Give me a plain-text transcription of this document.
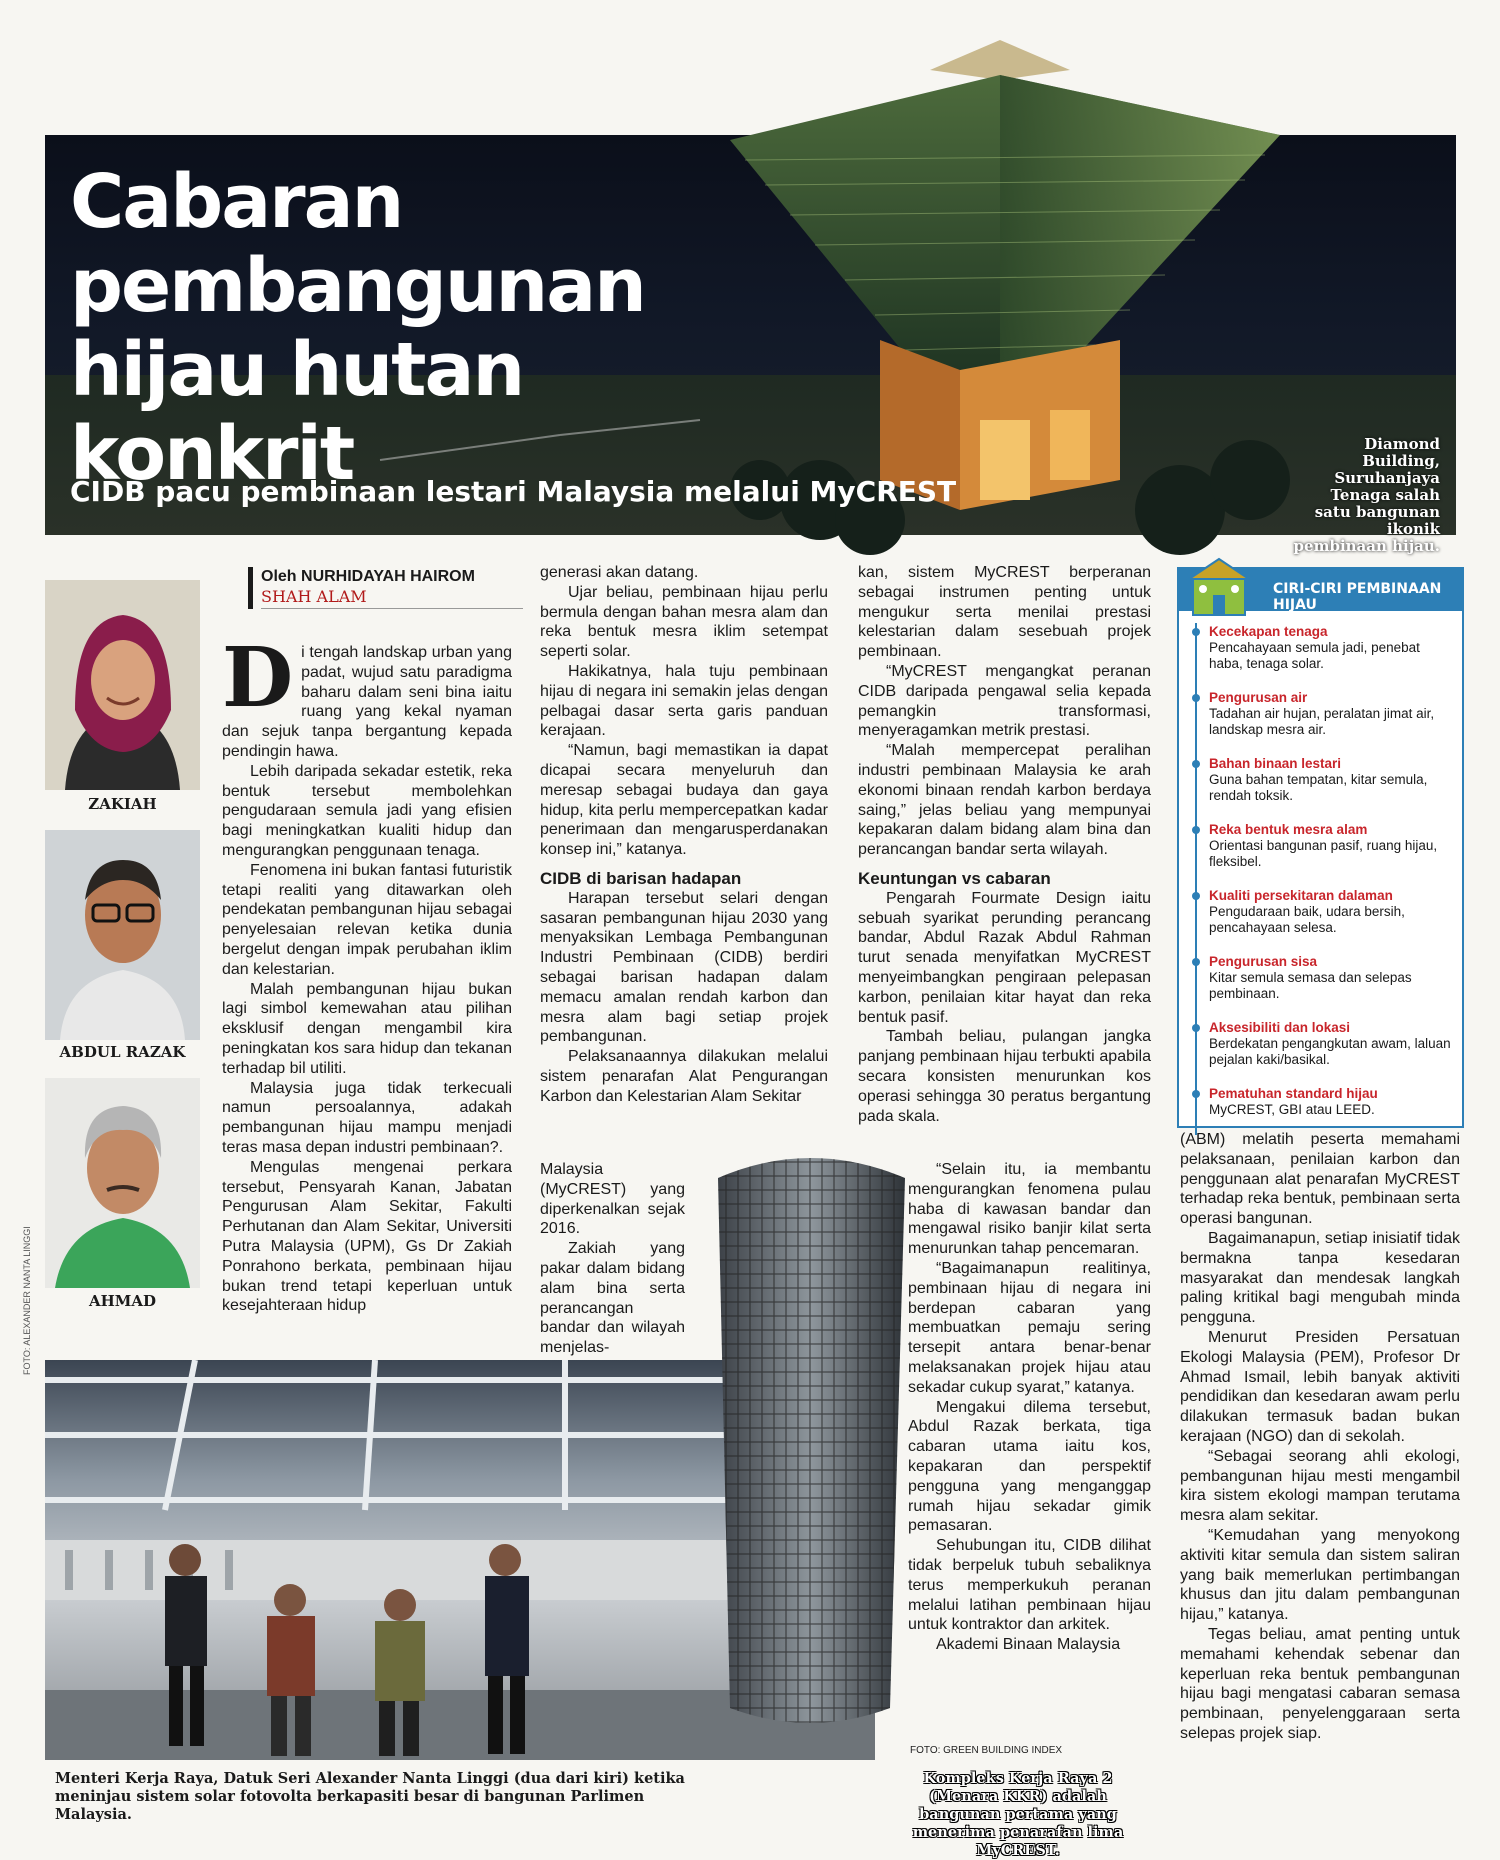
Cabaran
pembangunan
hijau hutan konkrit
CIDB pacu pembinaan lestari Malaysia melalui MyCREST
Diamond Building, Suruhanjaya Tenaga salah satu bangunan ikonik pembinaan hijau.
ZAKIAH
ABDUL RAZAK
AHMAD
Oleh NURHIDAYAH HAIROM
SHAH ALAM

Di tengah landskap urban yang padat, wujud satu paradigma baharu dalam seni bina iaitu ruang yang kekal nyaman dan sejuk tanpa bergantung kepada pendingin hawa.

Lebih daripada sekadar estetik, reka bentuk tersebut membolehkan pengudaraan semula jadi yang efisien bagi meningkatkan kualiti hidup dan mengurangkan penggunaan tenaga.

Fenomena ini bukan fantasi futuristik tetapi realiti yang ditawarkan oleh pendekatan pembangunan hijau sebagai penyelesaian relevan ketika dunia bergelut dengan impak perubahan iklim dan kelestarian.

Malah pembangunan hijau bukan lagi simbol kemewahan atau pilihan eksklusif dengan mengambil kira peningkatan kos sara hidup dan tekanan terhadap bil utiliti.

Malaysia juga tidak terkecuali namun persoalannya, adakah pembangunan hijau mampu menjadi teras masa depan industri pembinaan?.

Mengulas mengenai perkara tersebut, Pensyarah Kanan, Jabatan Pengurusan Alam Sekitar, Fakulti Perhutanan dan Alam Sekitar, Universiti Putra Malaysia (UPM), Gs Dr Zakiah Ponrahono berkata, pembinaan hijau bukan trend tetapi keperluan untuk kesejahteraan hidup

generasi akan datang.

Ujar beliau, pembinaan hijau perlu bermula dengan bahan mesra alam dan reka bentuk mesra iklim setempat seperti solar.

Hakikatnya, hala tuju pembinaan hijau di negara ini semakin jelas dengan pelbagai dasar serta garis panduan kerajaan.

“Namun, bagi memastikan ia dapat dicapai secara menyeluruh dan meresap sebagai budaya dan gaya hidup, kita perlu mempercepatkan kadar penerimaan dan mengarusperdanakan konsep ini,” katanya.

CIDB di barisan hadapan

Harapan tersebut selari dengan sasaran pembangunan hijau 2030 yang menyaksikan Lembaga Pembangunan Industri Pembinaan (CIDB) berdiri sebagai barisan hadapan dalam memacu amalan rendah karbon dan mesra alam bagi setiap projek pembangunan.

Pelaksanaannya dilakukan melalui sistem penarafan Alat Pengurangan Karbon dan Kelestarian Alam Sekitar

Malaysia (MyCREST) yang diperkenalkan sejak 2016.

Zakiah yang pakar dalam bidang alam bina serta perancangan bandar dan wilayah menjelas-

kan, sistem MyCREST berperanan sebagai instrumen penting untuk mengukur serta menilai prestasi kelestarian dalam sesebuah projek pembinaan.

“MyCREST mengangkat peranan CIDB daripada pengawal selia kepada pemangkin transformasi, menyeragamkan metrik prestasi.

“Malah mempercepat peralihan industri pembinaan Malaysia ke arah ekonomi binaan rendah karbon berdaya saing,” jelas beliau yang mempunyai kepakaran dalam bidang alam bina dan perancangan bandar serta wilayah.

Keuntungan vs cabaran

Pengarah Fourmate Design iaitu sebuah syarikat perunding perancang bandar, Abdul Razak Abdul Rahman turut senada menyifatkan MyCREST menyeimbangkan pengiraan pelepasan karbon, penilaian kitar hayat dan reka bentuk pasif.

Tambah beliau, pulangan jangka panjang pembinaan hijau terbukti apabila secara konsisten menurunkan kos operasi sehingga 30 peratus bergantung pada skala.

“Selain itu, ia membantu mengurangkan fenomena pulau haba di kawasan bandar dan mengawal risiko banjir kilat serta menurunkan tahap pencemaran.

“Bagaimanapun realitinya, pembinaan hijau di negara ini berdepan cabaran yang membuatkan pemaju sering tersepit antara benar-benar melaksanakan projek hijau atau sekadar cukup syarat,” katanya.

Mengakui dilema tersebut, Abdul Razak berkata, tiga cabaran utama iaitu kos, kepakaran dan perspektif pengguna yang menganggap rumah hijau sekadar gimik pemasaran.

Sehubungan itu, CIDB dilihat tidak berpeluk tubuh sebaliknya terus memperkukuh peranan melalui latihan pembinaan hijau untuk kontraktor dan arkitek.

Akademi Binaan Malaysia

CIRI-CIRI PEMBINAAN HIJAU
Kecekapan tenaga
Pencahayaan semula jadi, penebat haba, tenaga solar.
Pengurusan air
Tadahan air hujan, peralatan jimat air, landskap mesra air.
Bahan binaan lestari
Guna bahan tempatan, kitar semula, rendah toksik.
Reka bentuk mesra alam
Orientasi bangunan pasif, ruang hijau, fleksibel.
Kualiti persekitaran dalaman
Pengudaraan baik, udara bersih, pencahayaan selesa.
Pengurusan sisa
Kitar semula semasa dan selepas pembinaan.
Aksesibiliti dan lokasi
Berdekatan pengangkutan awam, laluan pejalan kaki/basikal.
Pematuhan standard hijau
MyCREST, GBI atau LEED.

(ABM) melatih peserta memahami pelaksanaan, penilaian karbon dan penggunaan alat penarafan MyCREST terhadap reka bentuk, pembinaan serta operasi bangunan.

Bagaimanapun, setiap inisiatif tidak bermakna tanpa kesedaran masyarakat dan mendesak langkah paling kritikal bagi mengubah minda pengguna.

Menurut Presiden Persatuan Ekologi Malaysia (PEM), Profesor Dr Ahmad Ismail, lebih banyak aktiviti pendidikan dan kesedaran awam perlu dilakukan termasuk badan bukan kerajaan (NGO) dan di sekolah.

“Sebagai seorang ahli ekologi, pembangunan hijau mesti mengambil kira sistem ekologi mampan terutama mesra alam sekitar.

“Kemudahan yang menyokong aktiviti kitar semula dan sistem saliran yang baik memerlukan pertimbangan khusus dan jitu dalam pembangunan hijau,” katanya.

Tegas beliau, amat penting untuk memahami kehendak sebenar dan keperluan reka bentuk pembangunan hijau bagi mengatasi cabaran semasa pembinaan, penyelenggaraan serta selepas projek siap.

FOTO: ALEXANDER NANTA LINGGI
Menteri Kerja Raya, Datuk Seri Alexander Nanta Linggi (dua dari kiri) ketika meninjau sistem solar fotovolta berkapasiti besar di bangunan Parlimen Malaysia.
FOTO: GREEN BUILDING INDEX
Kompleks Kerja Raya 2 (Menara KKR) adalah bangunan pertama yang menerima penarafan lima MyCREST.
